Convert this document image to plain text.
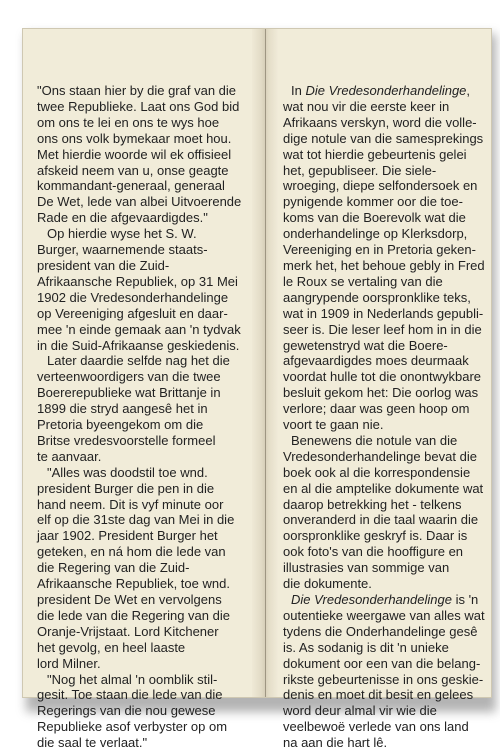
"Ons staan hier by die graf van die

twee Republieke. Laat ons God bid

om ons te lei en ons te wys hoe

ons ons volk bymekaar moet hou.

Met hierdie woorde wil ek offisieel

afskeid neem van u, onse geagte

kommandant-generaal, generaal

De Wet, lede van albei Uitvoerende

Rade en die afgevaardigdes."

Op hierdie wyse het S. W.

Burger, waarnemende staats-

president van die Zuid-

Afrikaansche Republiek, op 31 Mei

1902 die Vredesonderhandelinge

op Vereeniging afgesluit en daar-

mee 'n einde gemaak aan 'n tydvak

in die Suid-Afrikaanse geskiedenis.

Later daardie selfde nag het die

verteenwoordigers van die twee

Boererepublieke wat Brittanje in

1899 die stryd aangesê het in

Pretoria byeengekom om die

Britse vredesvoorstelle formeel

te aanvaar.

"Alles was doodstil toe wnd.

president Burger die pen in die

hand neem. Dit is vyf minute oor

elf op die 31ste dag van Mei in die

jaar 1902. President Burger het

geteken, en ná hom die lede van

die Regering van die Zuid-

Afrikaansche Republiek, toe wnd.

president De Wet en vervolgens

die lede van die Regering van die

Oranje-Vrijstaat. Lord Kitchener

het gevolg, en heel laaste

lord Milner.

"Nog het almal 'n oomblik stil-

gesit. Toe staan die lede van die

Regerings van die nou gewese

Republieke asof verbyster op om

die saal te verlaat."

In Die Vredesonderhandelinge,

wat nou vir die eerste keer in

Afrikaans verskyn, word die volle-

dige notule van die samesprekings

wat tot hierdie gebeurtenis gelei

het, gepubliseer. Die siele-

wroeging, diepe selfondersoek en

pynigende kommer oor die toe-

koms van die Boerevolk wat die

onderhandelinge op Klerksdorp,

Vereeniging en in Pretoria geken-

merk het, het behoue gebly in Fred

le Roux se vertaling van die

aangrypende oorspronklike teks,

wat in 1909 in Nederlands gepubli-

seer is. Die leser leef hom in in die

gewetenstryd wat die Boere-

afgevaardigdes moes deurmaak

voordat hulle tot die onontwykbare

besluit gekom het: Die oorlog was

verlore; daar was geen hoop om

voort te gaan nie.

Benewens die notule van die

Vredesonderhandelinge bevat die

boek ook al die korrespondensie

en al die amptelike dokumente wat

daarop betrekking het - telkens

onveranderd in die taal waarin die

oorspronklike geskryf is. Daar is

ook foto's van die hooffigure en

illustrasies van sommige van

die dokumente.

Die Vredesonderhandelinge is 'n

outentieke weergawe van alles wat

tydens die Onderhandelinge gesê

is. As sodanig is dit 'n unieke

dokument oor een van die belang-

rikste gebeurtenisse in ons geskie-

denis en moet dit besit en gelees

word deur almal vir wie die

veelbewoë verlede van ons land

na aan die hart lê.
